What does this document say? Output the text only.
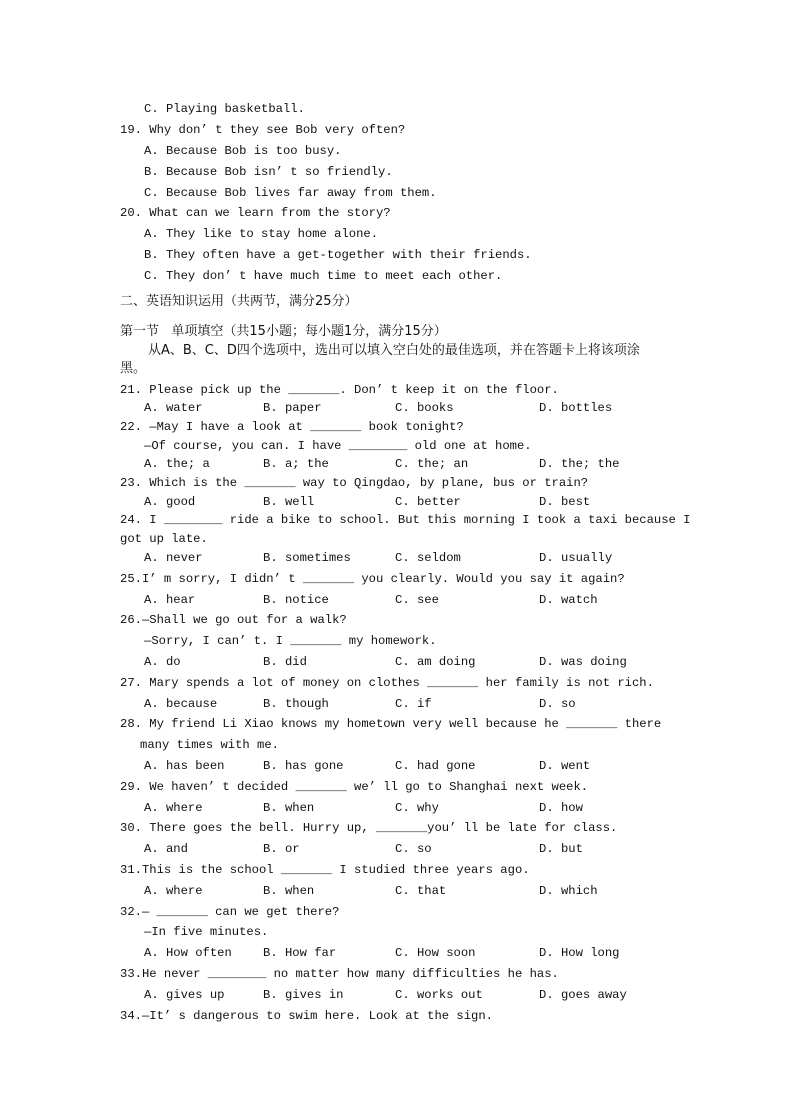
C. Playing basketball.
19. Why don’ t they see Bob very often?
A. Because Bob is too busy.
B. Because Bob isn’ t so friendly.
C. Because Bob lives far away from them.
20. What can we learn from the story?
A. They like to stay home alone.
B. They often have a get-together with their friends.
C. They don’ t have much time to meet each other.
二、英语知识运用（共两节，满分25分）
第一节   单项填空（共15小题；每小题1分，满分15分）
从A、B、C、D四个选项中，选出可以填入空白处的最佳选项，并在答题卡上将该项涂
黑。
21. Please pick up the _______. Don’ t keep it on the floor.
A. water	B. paper	C. books	D. bottles
22. —May I have a look at _______ book tonight?
—Of course, you can. I have ________ old one at home.
A. the; a	B. a; the	C. the; an	D. the; the
23. Which is the _______ way to Qingdao, by plane, bus or train?
A. good	B. well	C. better	D. best
24. I ________ ride a bike to school. But this morning I took a taxi because I
got up late.
A. never	B. sometimes	C. seldom	D. usually
25.I’ m sorry, I didn’ t _______ you clearly. Would you say it again?
A. hear	B. notice	C. see	D. watch
26.—Shall we go out for a walk?
—Sorry, I can’ t. I _______ my homework.
A. do	B. did	C. am doing	D. was doing
27. Mary spends a lot of money on clothes _______ her family is not rich.
A. because	B. though	C. if	D. so
28. My friend Li Xiao knows my hometown very well because he _______ there
many times with me.
A. has been	B. has gone	C. had gone	D. went
29. We haven’ t decided _______ we’ ll go to Shanghai next week.
A. where	B. when	C. why	D. how
30. There goes the bell. Hurry up, _______you’ ll be late for class.
A. and	B. or	C. so	D. but
31.This is the school _______ I studied three years ago.
A. where	B. when	C. that	D. which
32.— _______ can we get there?
—In five minutes.
A. How often	B. How far	C. How soon	D. How long
33.He never ________ no matter how many difficulties he has.
A. gives up	B. gives in	C. works out	D. goes away
34.—It’ s dangerous to swim here. Look at the sign.
